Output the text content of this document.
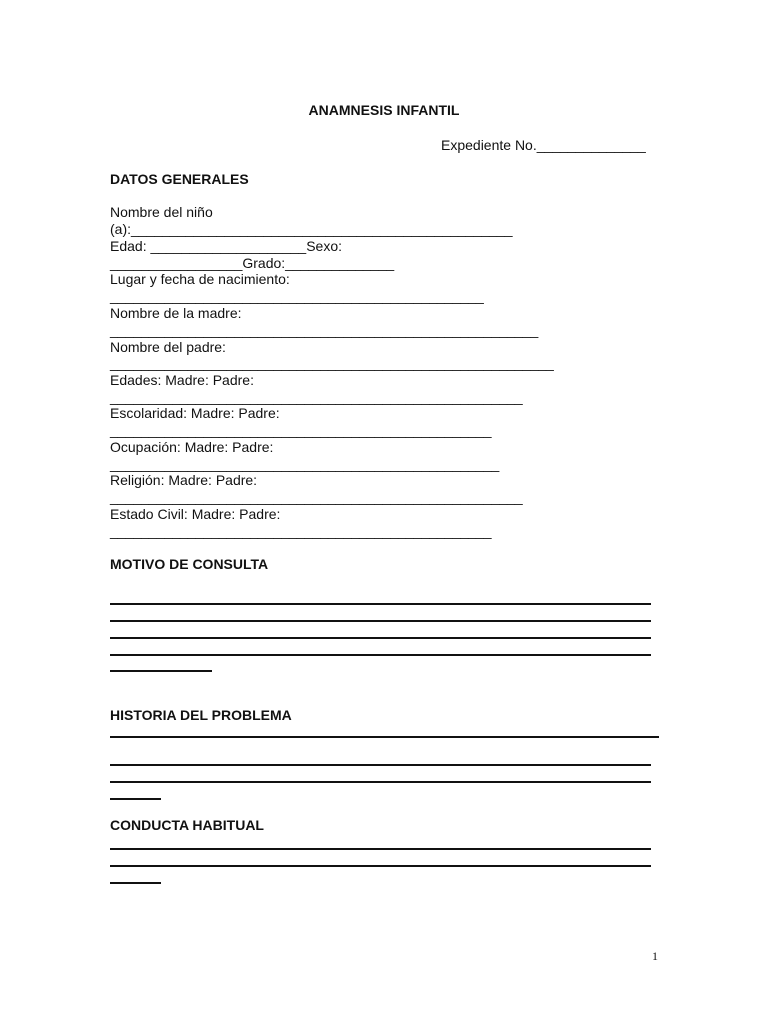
ANAMNESIS INFANTIL
Expediente No.______________
DATOS GENERALES
Nombre del niño
(a):_________________________________________________
Edad: ____________________Sexo:
_________________Grado:______________
Lugar y fecha de nacimiento:
________________________________________________
Nombre de la madre:
_______________________________________________________
Nombre del padre:
_________________________________________________________
Edades: Madre: Padre:
_____________________________________________________
Escolaridad: Madre: Padre:
_________________________________________________
Ocupación: Madre: Padre:
__________________________________________________
Religión: Madre: Padre:
_____________________________________________________
Estado Civil: Madre: Padre:
_________________________________________________
MOTIVO DE CONSULTA
HISTORIA DEL PROBLEMA
CONDUCTA HABITUAL
1
